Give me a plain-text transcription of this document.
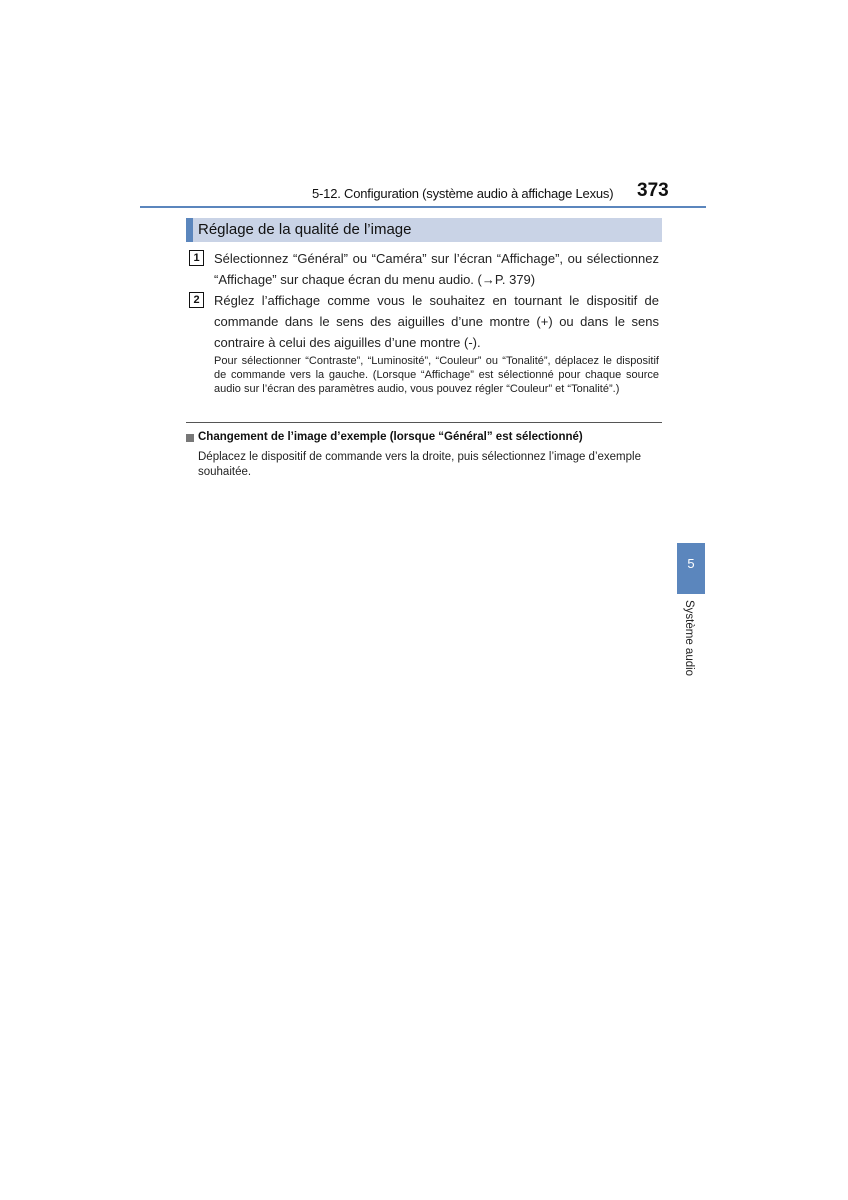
5-12. Configuration (système audio à affichage Lexus) 373
Réglage de la qualité de l’image
1	Sélectionnez “Général” ou “Caméra” sur l’écran “Affichage”, ou sélectionnez “Affichage” sur chaque écran du menu audio. (→P. 379)
2	Réglez l’affichage comme vous le souhaitez en tournant le dispositif de commande dans le sens des aiguilles d’une montre (+) ou dans le sens contraire à celui des aiguilles d’une montre (-).
Pour sélectionner “Contraste”, “Luminosité”, “Couleur” ou “Tonalité”, déplacez le dispositif de commande vers la gauche. (Lorsque “Affichage” est sélectionné pour chaque source audio sur l’écran des paramètres audio, vous pouvez régler “Couleur” et “Tonalité”.)
Changement de l’image d’exemple (lorsque “Général” est sélectionné)
Déplacez le dispositif de commande vers la droite, puis sélectionnez l’image d’exemple souhaitée.
5
Système audio
